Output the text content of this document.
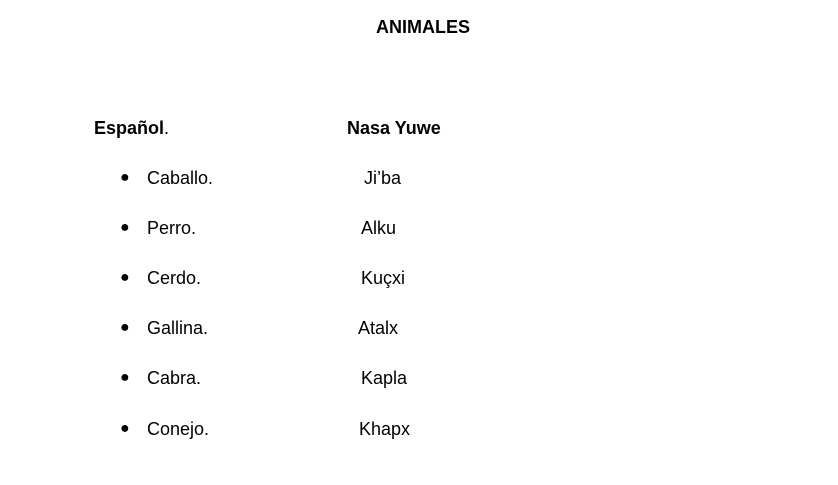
ANIMALES
Español.	Nasa Yuwe
● Caballo.	Ji’ba
● Perro.	Alku
● Cerdo.	Kuçxi
● Gallina.	Atalx
● Cabra.	Kapla
● Conejo.	Khapx
